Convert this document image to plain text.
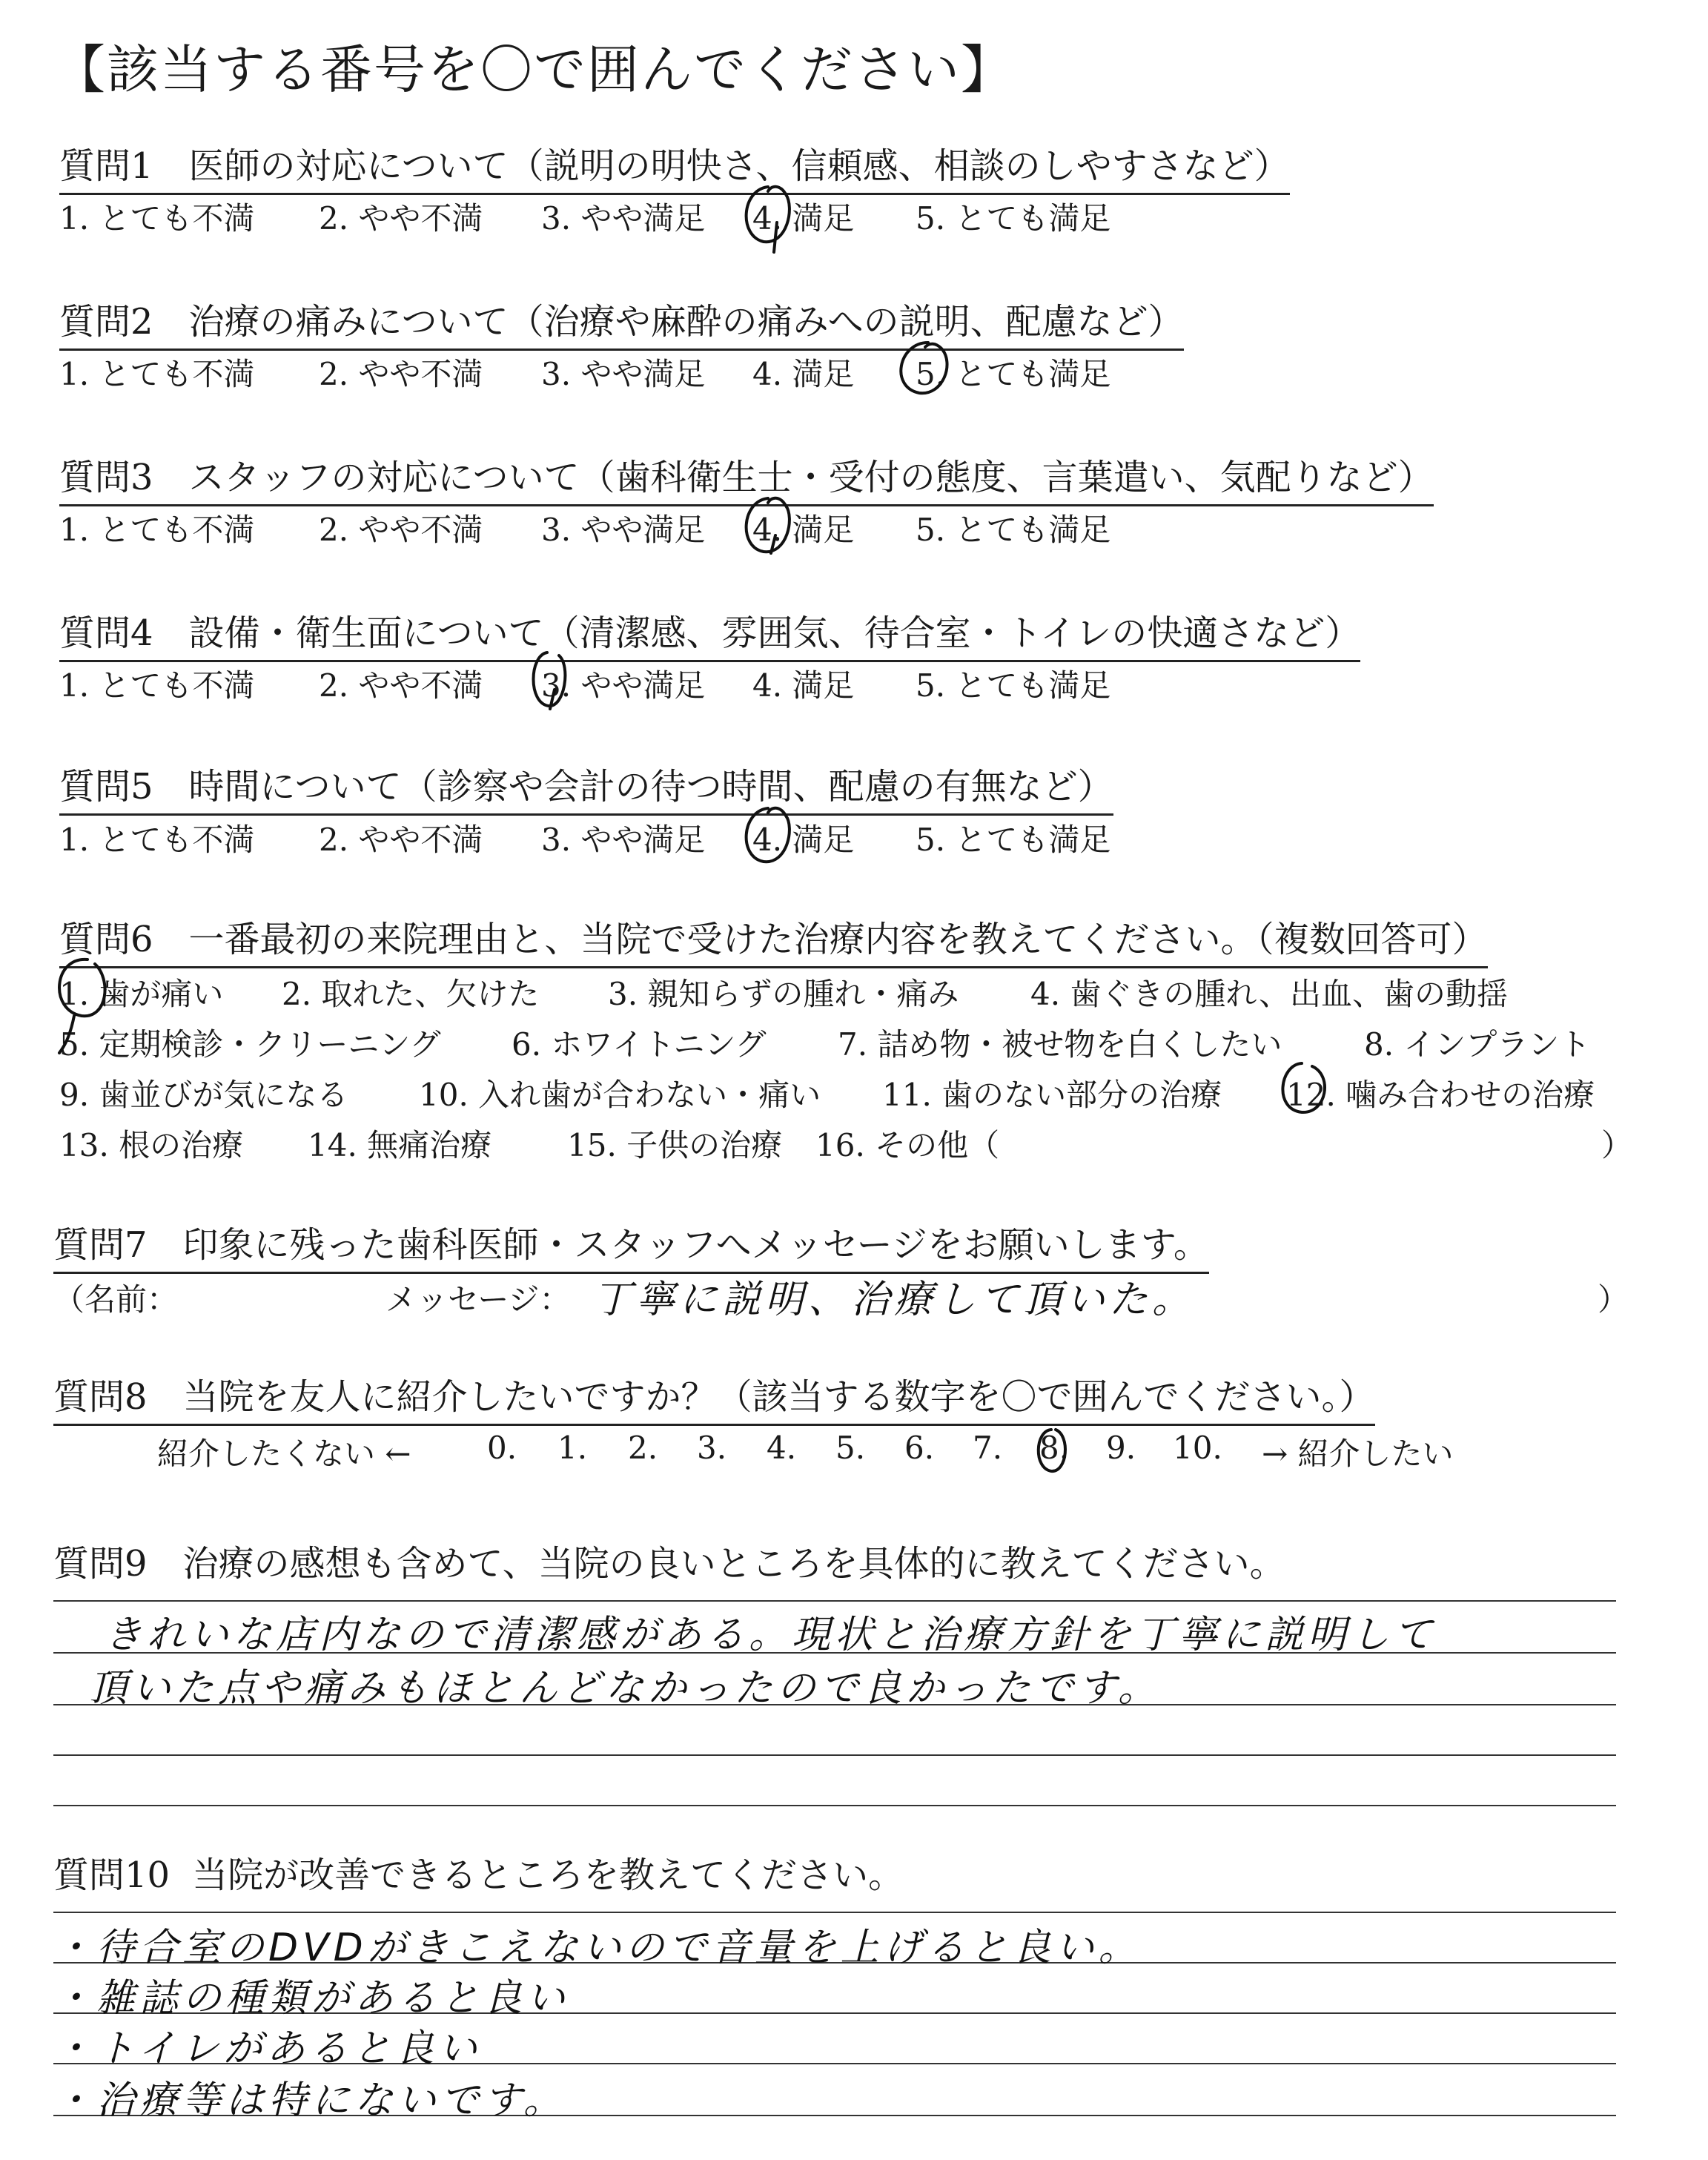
【該当する番号を〇で囲んでください】
質問1 医師の対応について（説明の明快さ、信頼感、相談のしやすさなど）
1. とても不満 2. やや不満 3. やや満足 4. 満足 5. とても満足
質問2 治療の痛みについて（治療や麻酔の痛みへの説明、配慮など）
1. とても不満 2. やや不満 3. やや満足 4. 満足 5. とても満足
質問3 スタッフの対応について（歯科衛生士・受付の態度、言葉遣い、気配りなど）
1. とても不満 2. やや不満 3. やや満足 4. 満足 5. とても満足
質問4 設備・衛生面について（清潔感、雰囲気、待合室・トイレの快適さなど）
1. とても不満 2. やや不満 3. やや満足 4. 満足 5. とても満足
質問5 時間について（診察や会計の待つ時間、配慮の有無など）
1. とても不満 2. やや不満 3. やや満足 4. 満足 5. とても満足
質問6 一番最初の来院理由と、当院で受けた治療内容を教えてください。（複数回答可）
1. 歯が痛い 2. 取れた、欠けた 3. 親知らずの腫れ・痛み 4. 歯ぐきの腫れ、出血、歯の動揺
5. 定期検診・クリーニング 6. ホワイトニング 7. 詰め物・被せ物を白くしたい	8. インプラント
9. 歯並びが気になる 10. 入れ歯が合わない・痛い 11. 歯のない部分の治療 12. 噛み合わせの治療
13. 根の治療 14. 無痛治療 15. 子供の治療 16. その他（	）
質問7 印象に残った歯科医師・スタッフへメッセージをお願いします。
（名前：	メッセージ： 丁寧に説明、治療して頂いた。	）
質問8 当院を友人に紹介したいですか？（該当する数字を〇で囲んでください。）
紹介したくない ← 0. 1. 2. 3. 4. 5. 6. 7. 8. 9. 10. → 紹介したい
質問9 治療の感想も含めて、当院の良いところを具体的に教えてください。
きれいな店内なので清潔感がある。現状と治療方針を丁寧に説明して
頂いた点や痛みもほとんどなかったので良かったです。
質問10 当院が改善できるところを教えてください。
・待合室のDVDがきこえないので音量を上げると良い。
・雑誌の種類があると良い
・トイレがあると良い
・治療等は特にないです。
